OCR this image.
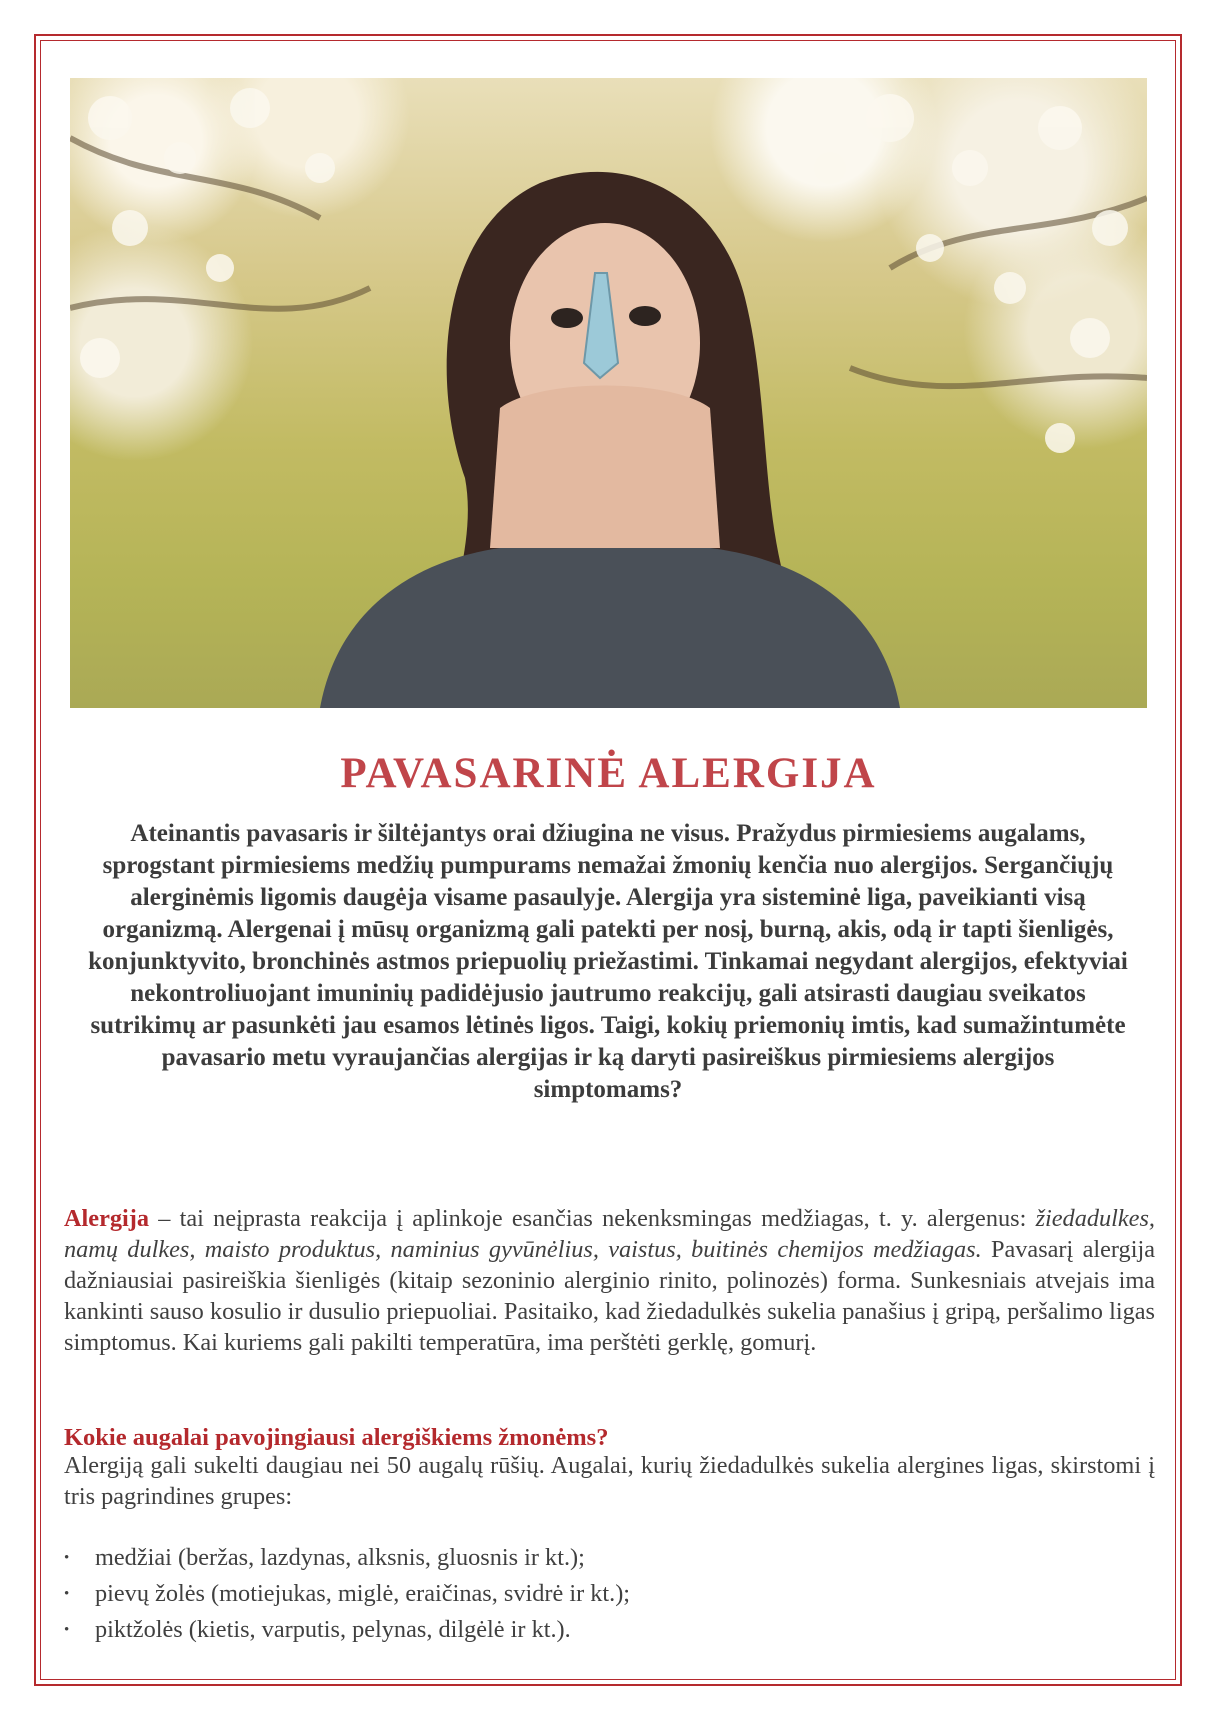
PAVASARINĖ ALERGIJA

Ateinantis pavasaris ir šiltėjantys orai džiugina ne visus. Pražydus pirmiesiems augalams, sprogstant pirmiesiems medžių pumpurams nemažai žmonių kenčia nuo alergijos. Sergančiųjų alerginėmis ligomis daugėja visame pasaulyje. Alergija yra sisteminė liga, paveikianti visą organizmą. Alergenai į mūsų organizmą gali patekti per nosį, burną, akis, odą ir tapti šienligės, konjunktyvito, bronchinės astmos priepuolių priežastimi. Tinkamai negydant alergijos, efektyviai nekontroliuojant imuninių padidėjusio jautrumo reakcijų, gali atsirasti daugiau sveikatos sutrikimų ar pasunkėti jau esamos lėtinės ligos. Taigi, kokių priemonių imtis, kad sumažintumėte pavasario metu vyraujančias alergijas ir ką daryti pasireiškus pirmiesiems alergijos simptomams?

Alergija – tai neįprasta reakcija į aplinkoje esančias nekenksmingas medžiagas, t. y. alergenus: žiedadulkes, namų dulkes, maisto produktus, naminius gyvūnėlius, vaistus, buitinės chemijos medžiagas. Pavasarį alergija dažniausiai pasireiškia šienligės (kitaip sezoninio alerginio rinito, polinozės) forma. Sunkesniais atvejais ima kankinti sauso kosulio ir dusulio priepuoliai. Pasitaiko, kad žiedadulkės sukelia panašius į gripą, peršalimo ligas simptomus. Kai kuriems gali pakilti temperatūra, ima perštėti gerklę, gomurį.

Kokie augalai pavojingiausi alergiškiems žmonėms?

Alergiją gali sukelti daugiau nei 50 augalų rūšių. Augalai, kurių žiedadulkės sukelia alergines ligas, skirstomi į tris pagrindines grupes:

• medžiai (beržas, lazdynas, alksnis, gluosnis ir kt.);
• pievų žolės (motiejukas, miglė, eraičinas, svidrė ir kt.);
• piktžolės (kietis, varputis, pelynas, dilgėlė ir kt.).
